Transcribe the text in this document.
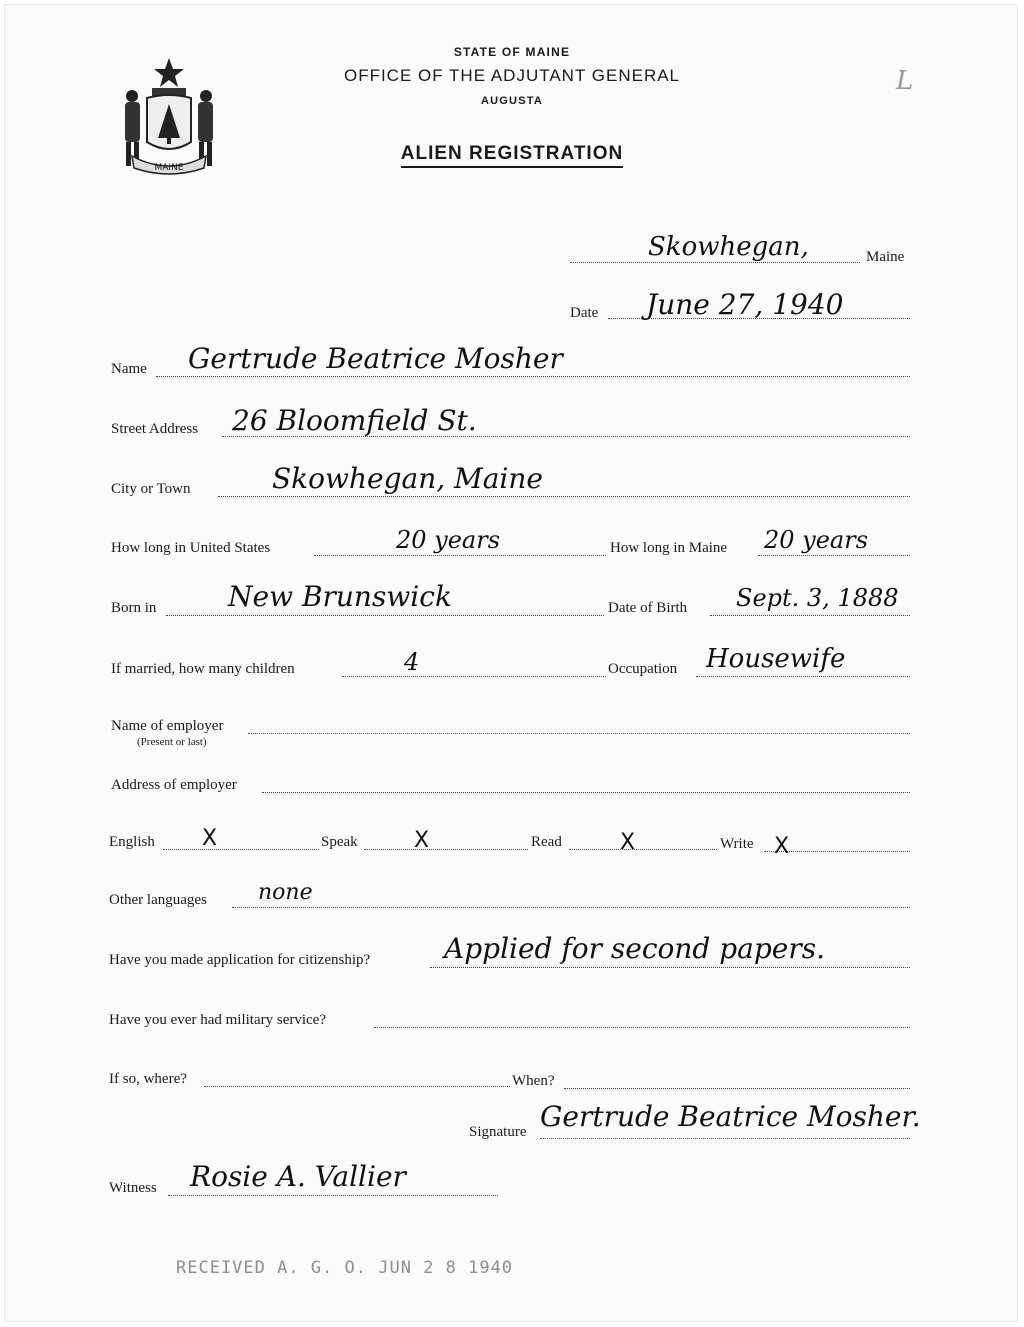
MAINE
STATE OF MAINE
OFFICE OF THE ADJUTANT GENERAL
AUGUSTA
ALIEN REGISTRATION
L
Skowhegan,	Maine
Date June 27, 1940
Name Gertrude Beatrice Mosher
Street Address 26 Bloomfield St.
City or Town	Skowhegan, Maine
How long in United States	20 years	How long in Maine 20 years
Born in	New Brunswick	Date of Birth Sept. 3, 1888
If married, how many children	4	Occupation Housewife
Name of employer
(Present or last)
Address of employer
English X	Speak	X	Read	X	Write X
Other languages none
Have you made application for citizenship?	Applied for second papers.
Have you ever had military service?
If so, where?	When?
Signature Gertrude Beatrice Mosher.
Witness Rosie A. Vallier
RECEIVED A. G. O. JUN 2 8 1940
